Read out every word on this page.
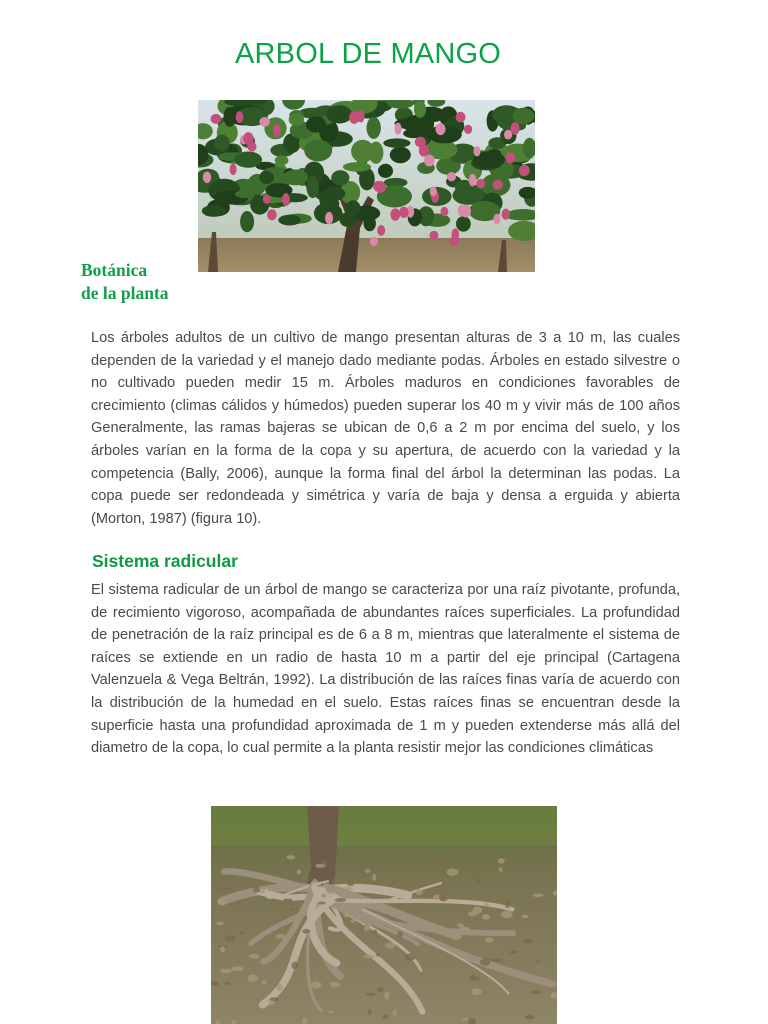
ARBOL DE MANGO
Botánica
de la planta

Los árboles adultos de un cultivo de mango presentan alturas de 3 a 10 m, las cuales dependen de la variedad y el manejo dado mediante podas. Árboles en estado silvestre o no cultivado pueden medir 15 m. Árboles maduros en condiciones favorables de crecimiento (climas cálidos y húmedos) pueden superar los 40 m y vivir más de 100 años Generalmente, las ramas bajeras se ubican de 0,6 a 2 m por encima del suelo, y los árboles varían en la forma de la copa y su apertura, de acuerdo con la variedad y la competencia (Bally, 2006), aunque la forma final del árbol la determinan las podas. La copa puede ser redondeada y simétrica y varía de baja y densa a erguida y abierta (Morton, 1987) (figura 10).

Sistema radicular

El sistema radicular de un árbol de mango se caracteriza por una raíz pivotante, profunda, de recimiento vigoroso, acompañada de abundantes raíces superficiales. La profundidad de penetración de la raíz principal es de 6 a 8 m, mientras que lateralmente el sistema de raíces se extiende en un radio de hasta 10 m a partir del eje principal (Cartagena Valenzuela & Vega Beltrán, 1992). La distribución de las raíces finas varía de acuerdo con la distribución de la humedad en el suelo. Estas raíces finas se encuentran desde la superficie hasta una profundidad aproximada de 1 m y pueden extenderse más allá del diametro de la copa, lo cual permite a la planta resistir mejor las condiciones climáticas
